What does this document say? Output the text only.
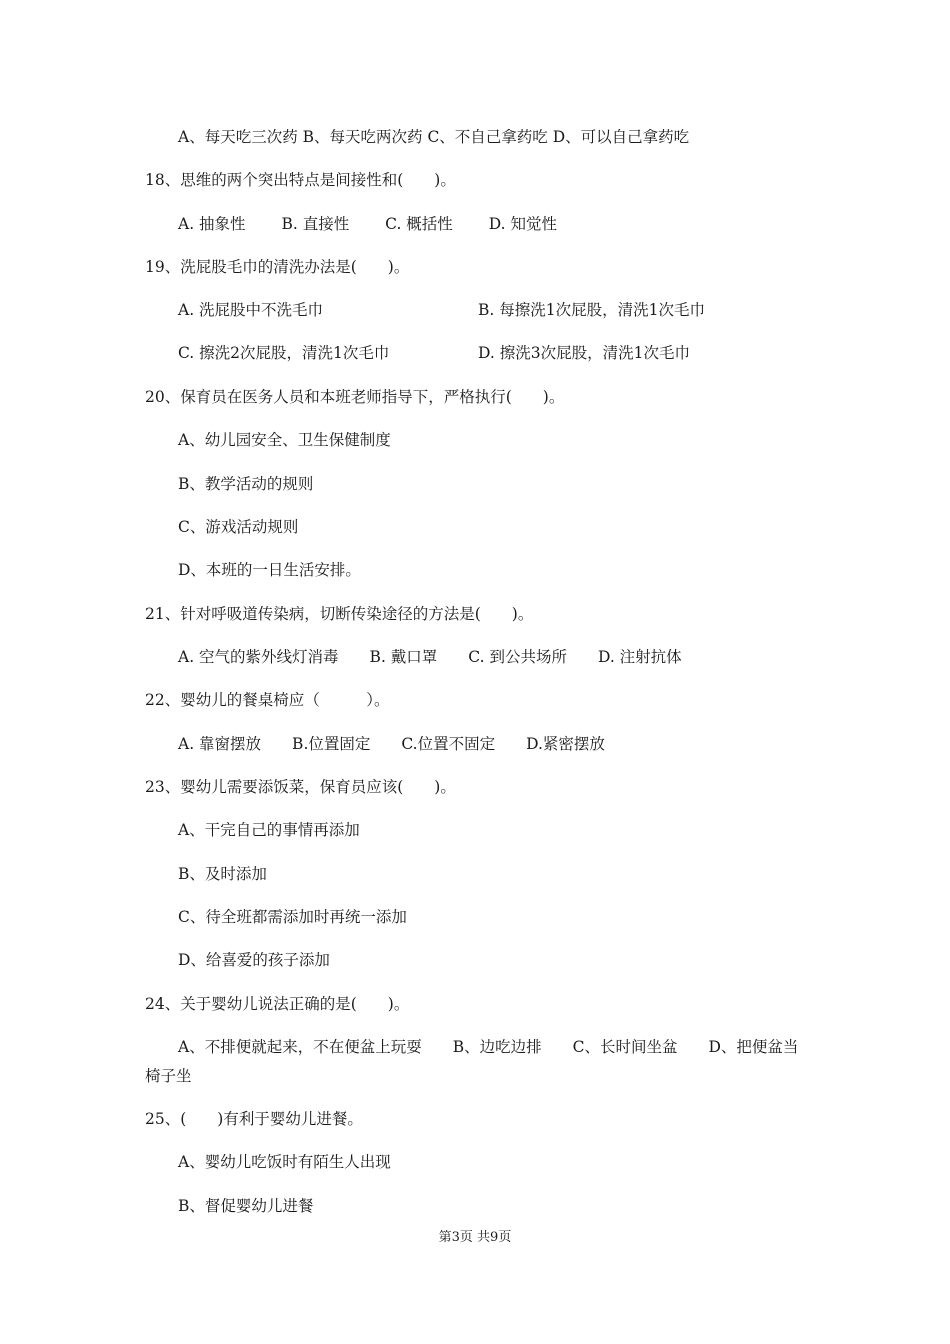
A、每天吃三次药 B、每天吃两次药 C、不自己拿药吃 D、可以自己拿药吃
18、思维的两个突出特点是间接性和(　　)。
A. 抽象性　　 B. 直接性　　 C. 概括性　　 D. 知觉性
19、洗屁股毛巾的清洗办法是(　　)。
A. 洗屁股中不洗毛巾	B. 每擦洗1次屁股，清洗1次毛巾
C. 擦洗2次屁股，清洗1次毛巾	D. 擦洗3次屁股，清洗1次毛巾
20、保育员在医务人员和本班老师指导下，严格执行(　　)。
A、幼儿园安全、卫生保健制度
B、教学活动的规则
C、游戏活动规则
D、本班的一日生活安排。
21、针对呼吸道传染病，切断传染途径的方法是(　　)。
A. 空气的紫外线灯消毒　　B. 戴口罩　　C. 到公共场所　　D. 注射抗体
22、婴幼儿的餐桌椅应（　　　）。
A. 靠窗摆放　　B.位置固定　　C.位置不固定　　D.紧密摆放
23、婴幼儿需要添饭菜，保育员应该(　　)。
A、干完自己的事情再添加
B、及时添加
C、待全班都需添加时再统一添加
D、给喜爱的孩子添加
24、关于婴幼儿说法正确的是(　　)。
A、不排便就起来，不在便盆上玩耍　　B、边吃边排　　C、长时间坐盆　　D、把便盆当
椅子坐
25、(　　)有利于婴幼儿进餐。
A、婴幼儿吃饭时有陌生人出现
B、督促婴幼儿进餐
第3页 共9页
